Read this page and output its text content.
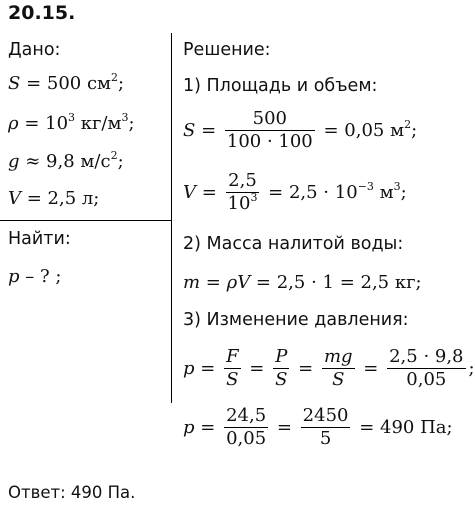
20.15.
Дано:
S = 500 $см^2$;
$\rho = 10^3$ $кг/м^3$;
g ≈ 9,8 $м/с^2$;
V = 2,5 л;
Найти:
p – ? ;
Решение:
1) Площадь и объем:
$S = \frac{500}{100 \cdot 100} = 0,05$ $м^2$;
$V = \frac{2,5}{10^3} = 2,5 \cdot 10^{-3}$ $м^3$;
2) Масса налитой воды:
m = ρV = 2,5 · 1 = 2,5 кг;
3) Изменение давления:
$p = \frac{F}{S} = \frac{P}{S} = \frac{mg}{S} = \frac{2,5 \cdot 9,8}{0,05}$ ;
$p = \frac{24,5}{0,05} = \frac{2450}{5} = 490$ Па;
Ответ: 490 Па.
